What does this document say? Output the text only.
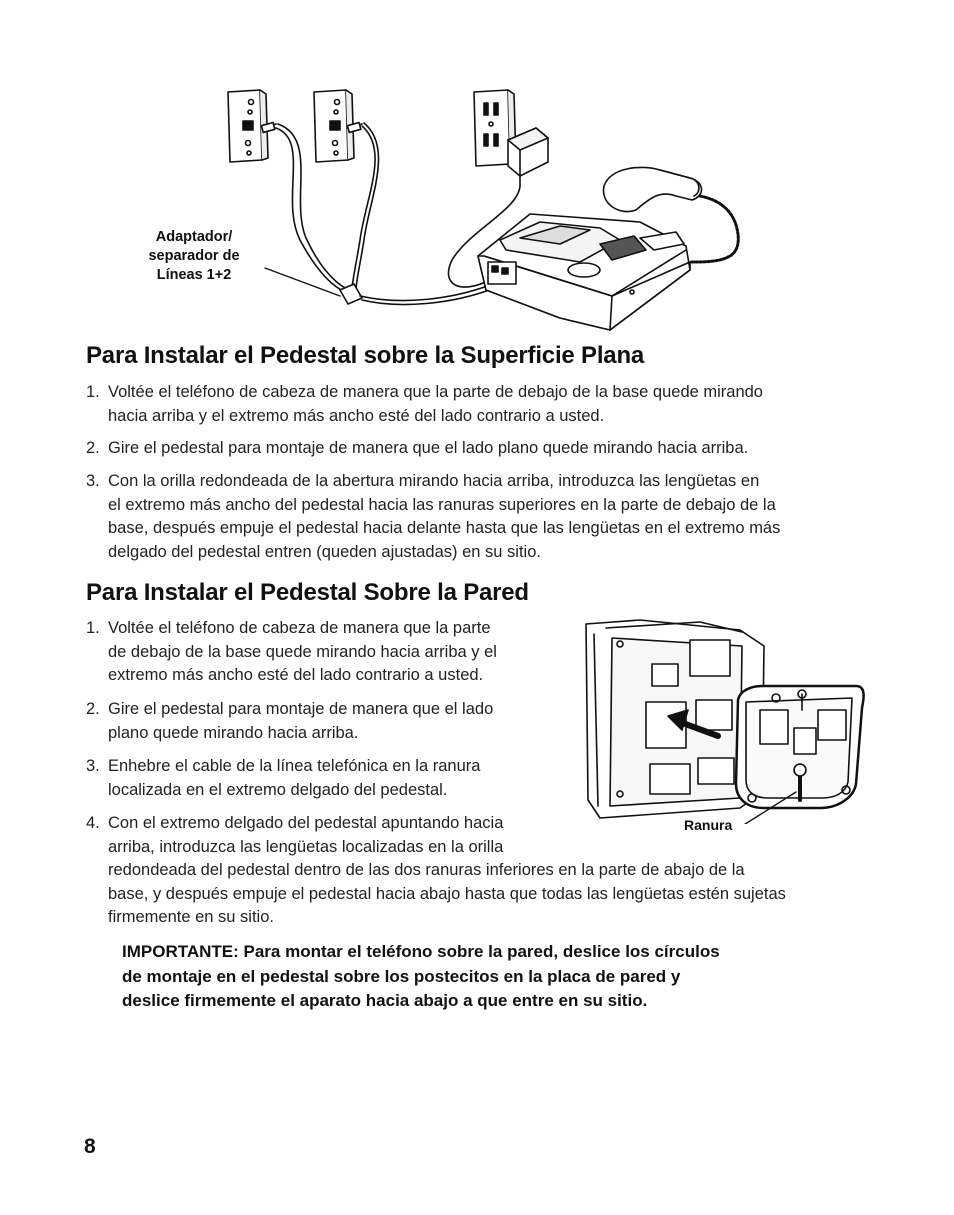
Adaptador/
separador de
Líneas 1+2
Para Instalar el Pedestal sobre la Superficie Plana
1. Voltée el teléfono de cabeza de manera que la parte de debajo de la base quede mirando
hacia arriba y el extremo más ancho esté del lado contrario a usted.
2. Gire el pedestal para montaje de manera que el lado plano quede mirando hacia arriba.
3. Con la orilla redondeada de la abertura mirando hacia arriba, introduzca las lengüetas en
el extremo más ancho del pedestal hacia las ranuras superiores en la parte de debajo de la
base, después empuje el pedestal hacia delante hasta que las lengüetas en el extremo más
delgado del pedestal entren (queden ajustadas) en su sitio.
Para Instalar el Pedestal Sobre la Pared
1. Voltée el teléfono de cabeza de manera que la parte
de debajo de la base quede mirando hacia arriba y el
extremo más ancho esté del lado contrario a usted.
2. Gire el pedestal para montaje de manera que el lado
plano quede mirando hacia arriba.
3. Enhebre el cable de la línea telefónica en la ranura
localizada en el extremo delgado del pedestal.
4. Con el extremo delgado del pedestal apuntando hacia
arriba, introduzca las lengüetas localizadas en la orilla
redondeada del pedestal dentro de las dos ranuras inferiores en la parte de abajo de la
base, y después empuje el pedestal hacia abajo hasta que todas las lengüetas estén sujetas
firmemente en su sitio.
Ranura
IMPORTANTE: Para montar el teléfono sobre la pared, deslice los círculos
de montaje en el pedestal sobre los postecitos en la placa de pared y
deslice firmemente el aparato hacia abajo a que entre en su sitio.
8
